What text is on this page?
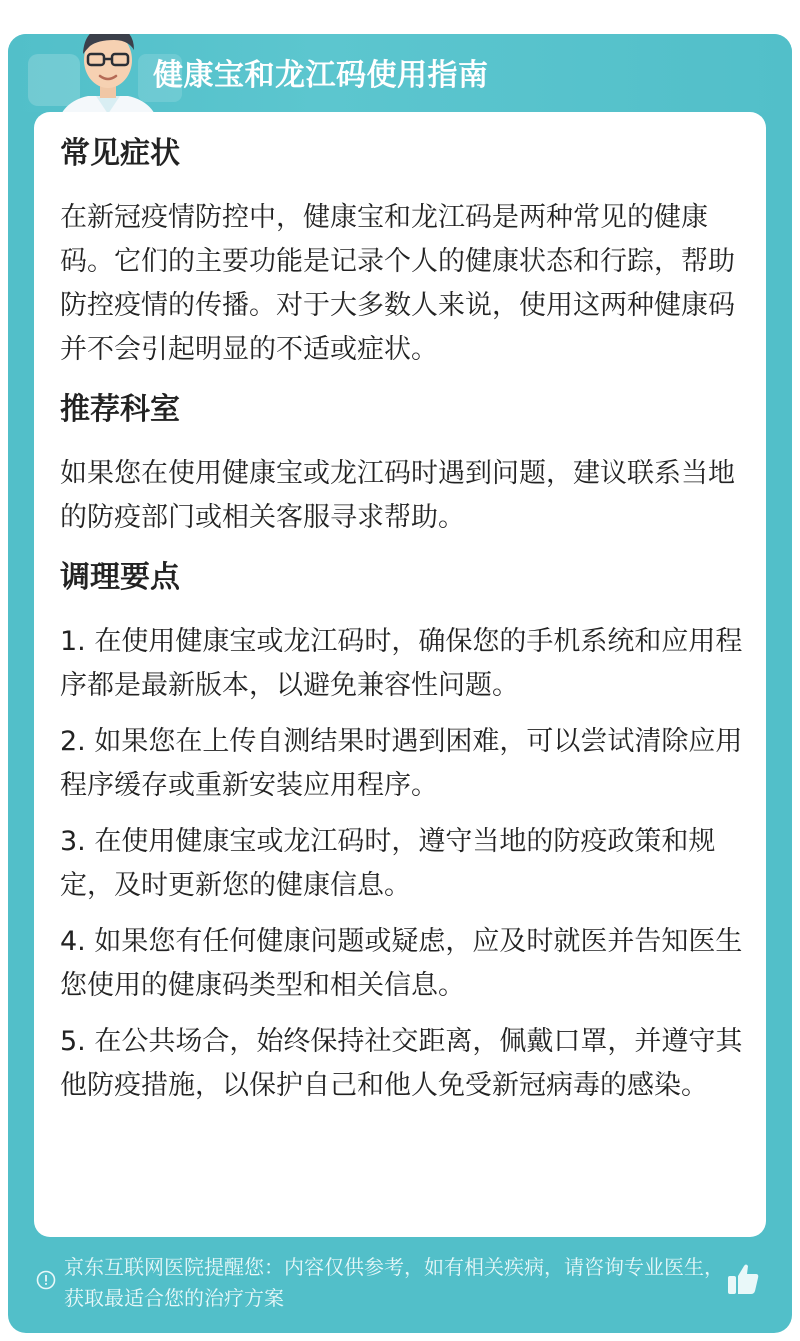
健康宝和龙江码使用指南

常见症状

在新冠疫情防控中，健康宝和龙江码是两种常见的健康码。它们的主要功能是记录个人的健康状态和行踪，帮助防控疫情的传播。对于大多数人来说，使用这两种健康码并不会引起明显的不适或症状。

推荐科室

如果您在使用健康宝或龙江码时遇到问题，建议联系当地的防疫部门或相关客服寻求帮助。

调理要点

1. 在使用健康宝或龙江码时，确保您的手机系统和应用程序都是最新版本，以避免兼容性问题。

2. 如果您在上传自测结果时遇到困难，可以尝试清除应用程序缓存或重新安装应用程序。

3. 在使用健康宝或龙江码时，遵守当地的防疫政策和规定，及时更新您的健康信息。

4. 如果您有任何健康问题或疑虑，应及时就医并告知医生您使用的健康码类型和相关信息。

5. 在公共场合，始终保持社交距离，佩戴口罩，并遵守其他防疫措施，以保护自己和他人免受新冠病毒的感染。

京东互联网医院提醒您：内容仅供参考，如有相关疾病，请咨询专业医生，获取最适合您的治疗方案
